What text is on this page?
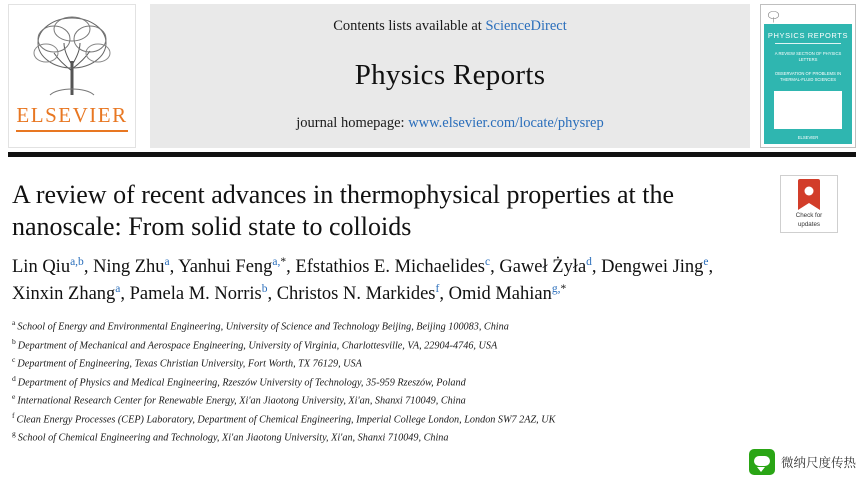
ELSEVIER
Contents lists available at ScienceDirect
Physics Reports
journal homepage: www.elsevier.com/locate/physrep
PHYSICS REPORTS
A REVIEW SECTION OF PHYSICS LETTERS
OBSERVATION OF PROBLEMS IN THERMAL-FLUID SCIENCES
ELSEVIER
Check for
updates
A review of recent advances in thermophysical properties at the nanoscale: From solid state to colloids
Lin Qiu$^{a,b}$, Ning Zhu$^a$, Yanhui Feng$^{a,*}$, Efstathios E. Michaelides$^c$, Gaweł Żyła$^d$, Dengwei Jing$^e$, Xinxin Zhang$^a$, Pamela M. Norris$^b$, Christos N. Markides$^f$, Omid Mahian$^{g,*}$
$^a$ School of Energy and Environmental Engineering, University of Science and Technology Beijing, Beijing 100083, China
$^b$ Department of Mechanical and Aerospace Engineering, University of Virginia, Charlottesville, VA, 22904-4746, USA
$^c$ Department of Engineering, Texas Christian University, Fort Worth, TX 76129, USA
$^d$ Department of Physics and Medical Engineering, Rzeszów University of Technology, 35-959 Rzeszów, Poland
$^e$ International Research Center for Renewable Energy, Xi'an Jiaotong University, Xi'an, Shanxi 710049, China
$^f$ Clean Energy Processes (CEP) Laboratory, Department of Chemical Engineering, Imperial College London, London SW7 2AZ, UK
$^g$ School of Chemical Engineering and Technology, Xi'an Jiaotong University, Xi'an, Shanxi 710049, China
微纳尺度传热
